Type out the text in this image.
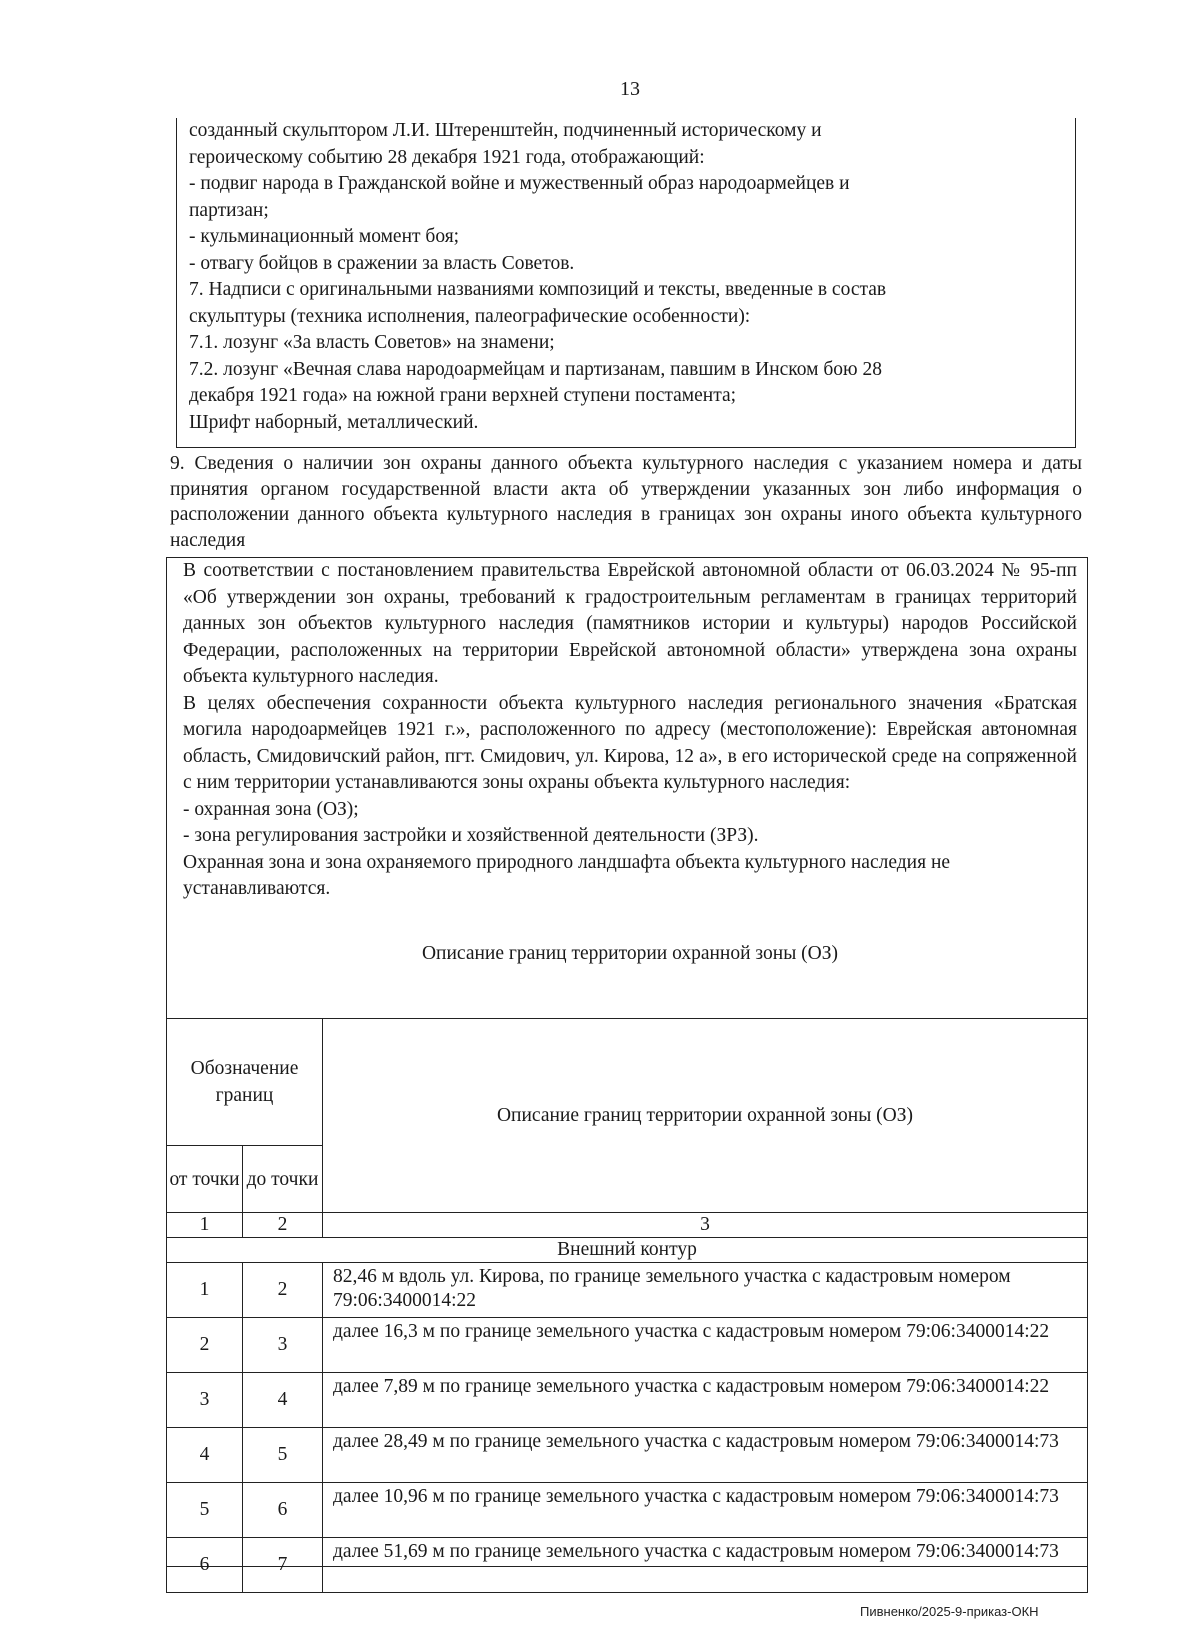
13

созданный скульптором Л.И. Штеренштейн, подчиненный историческому и

героическому событию 28 декабря 1921 года, отображающий:

- подвиг народа в Гражданской войне и мужественный образ народоармейцев и

партизан;

- кульминационный момент боя;

- отвагу бойцов в сражении за власть Советов.

7. Надписи с оригинальными названиями композиций и тексты, введенные в состав

скульптуры (техника исполнения, палеографические особенности):

7.1. лозунг «За власть Советов» на знамени;

7.2. лозунг «Вечная слава народоармейцам и партизанам, павшим в Инском бою 28

декабря 1921 года» на южной грани верхней ступени постамента;

Шрифт наборный, металлический.

9. Сведения о наличии зон охраны данного объекта культурного наследия с указанием номера и даты принятия органом государственной власти акта об утверждении указанных зон либо информация о расположении данного объекта культурного наследия в границах зон охраны иного объекта культурного наследия

В соответствии с постановлением правительства Еврейской автономной области от 06.03.2024 № 95-пп «Об утверждении зон охраны, требований к градостроительным регламентам в границах территорий данных зон объектов культурного наследия (памятников истории и культуры) народов Российской Федерации, расположенных на территории Еврейской автономной области» утверждена зона охраны объекта культурного наследия.

В целях обеспечения сохранности объекта культурного наследия регионального значения «Братская могила народоармейцев 1921 г.», расположенного по адресу (местоположение): Еврейская автономная область, Смидовичский район, пгт. Смидович, ул. Кирова, 12 а», в его исторической среде на сопряженной с ним территории устанавливаются зоны охраны объекта культурного наследия:

- охранная зона (ОЗ);

- зона регулирования застройки и хозяйственной деятельности (ЗРЗ).

Охранная зона и зона охраняемого природного ландшафта объекта культурного наследия не устанавливаются.

Описание границ территории охранной зоны (ОЗ)
Обозначение границ		Описание границ территории охранной зоны (ОЗ)
от точки	до точки	
1	2	3
Внешний контур		
1	2	82,46 м вдоль ул. Кирова, по границе земельного участка с кадастровым номером 79:06:3400014:22
2	3	далее 16,3 м по границе земельного участка с кадастровым номером 79:06:3400014:22
3	4	далее 7,89 м по границе земельного участка с кадастровым номером 79:06:3400014:22
4	5	далее 28,49 м по границе земельного участка с кадастровым номером 79:06:3400014:73
5	6	далее 10,96 м по границе земельного участка с кадастровым номером 79:06:3400014:73
6	7	далее 51,69 м по границе земельного участка с кадастровым номером 79:06:3400014:73
Пивненко/2025-9-приказ-ОКН
